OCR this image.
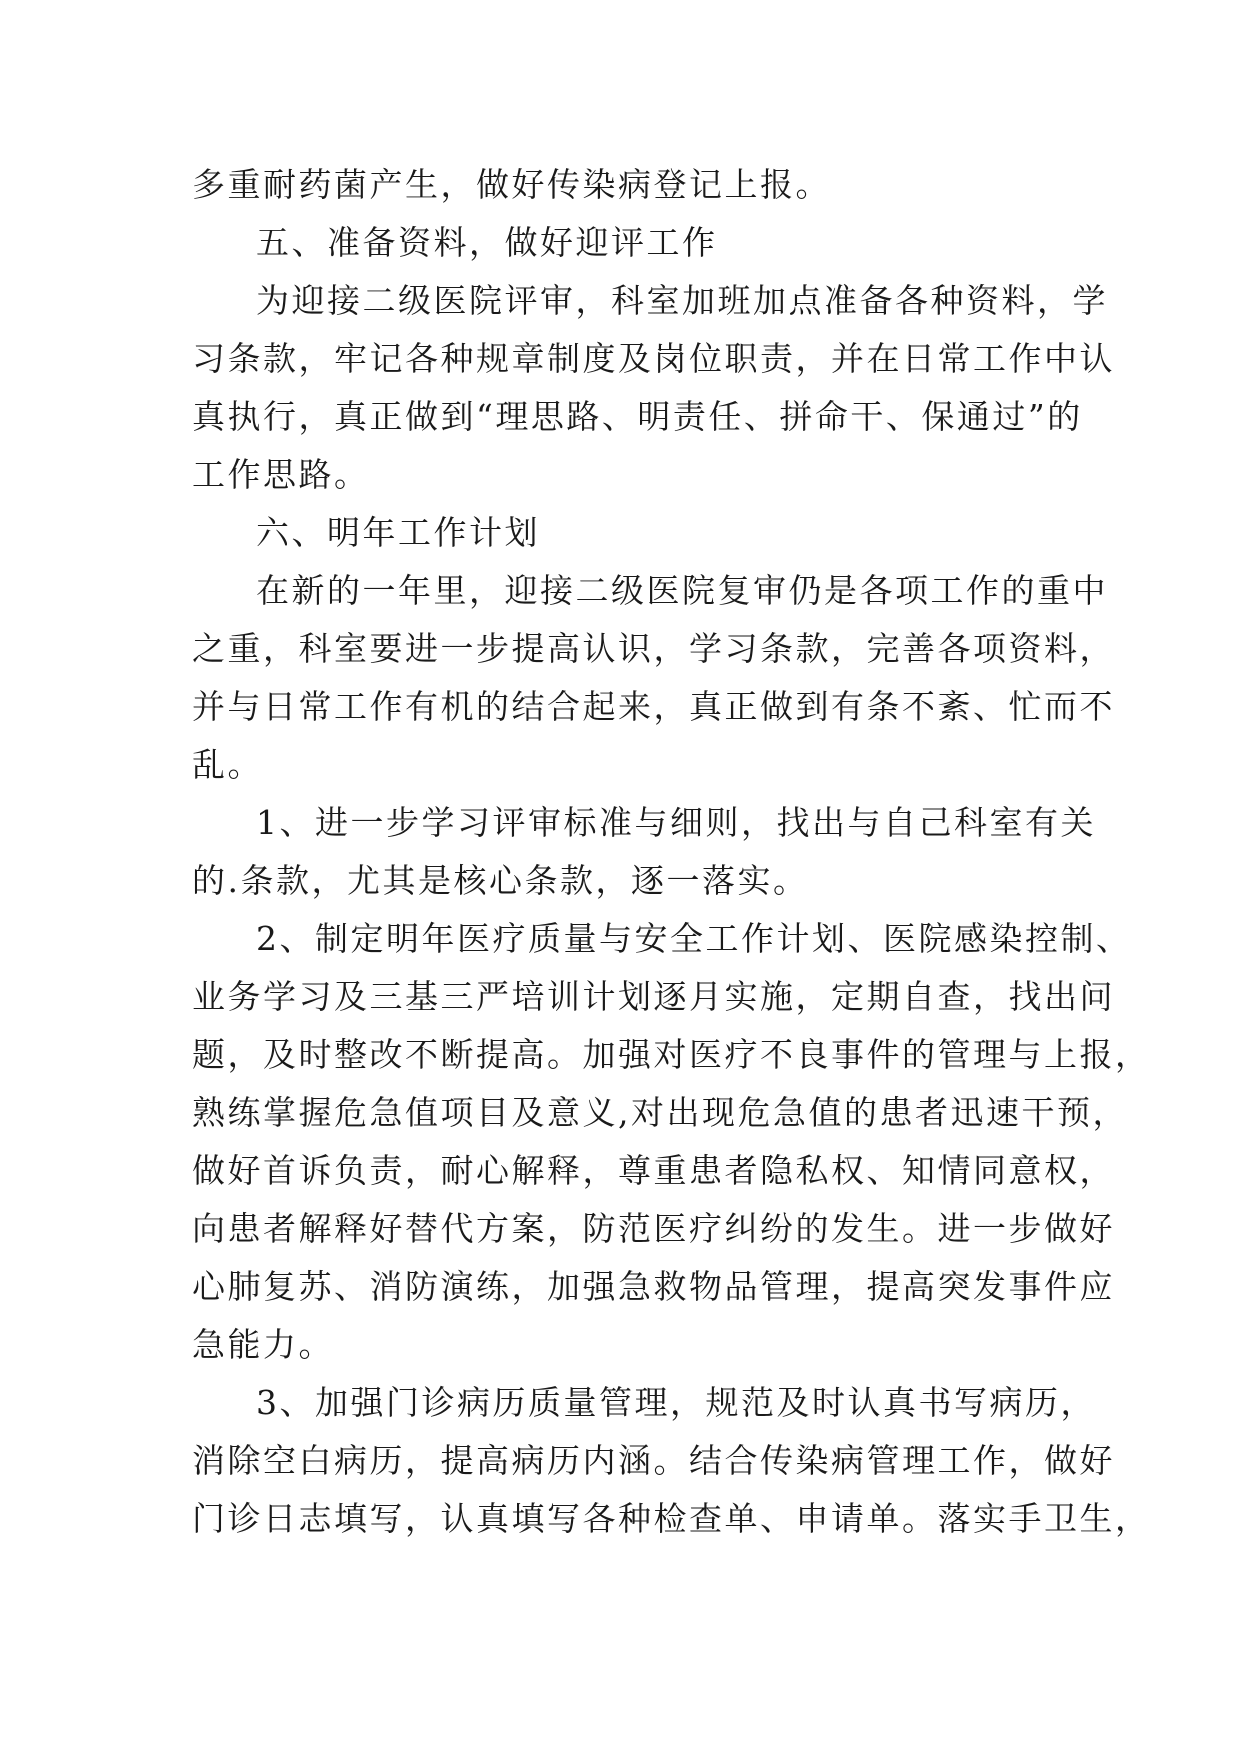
多重耐药菌产生，做好传染病登记上报。
五、准备资料，做好迎评工作
为迎接二级医院评审，科室加班加点准备各种资料，学
习条款，牢记各种规章制度及岗位职责，并在日常工作中认
真执行，真正做到“理思路、明责任、拼命干、保通过”的
工作思路。
六、明年工作计划
在新的一年里，迎接二级医院复审仍是各项工作的重中
之重，科室要进一步提高认识，学习条款，完善各项资料，
并与日常工作有机的结合起来，真正做到有条不紊、忙而不
乱。
1、进一步学习评审标准与细则，找出与自己科室有关
的.条款，尤其是核心条款，逐一落实。
2、制定明年医疗质量与安全工作计划、医院感染控制、
业务学习及三基三严培训计划逐月实施，定期自查，找出问
题，及时整改不断提高。加强对医疗不良事件的管理与上报，
熟练掌握危急值项目及意义,对出现危急值的患者迅速干预，
做好首诉负责，耐心解释，尊重患者隐私权、知情同意权，
向患者解释好替代方案，防范医疗纠纷的发生。进一步做好
心肺复苏、消防演练，加强急救物品管理，提高突发事件应
急能力。
3、加强门诊病历质量管理，规范及时认真书写病历，
消除空白病历，提高病历内涵。结合传染病管理工作，做好
门诊日志填写，认真填写各种检查单、申请单。落实手卫生，
